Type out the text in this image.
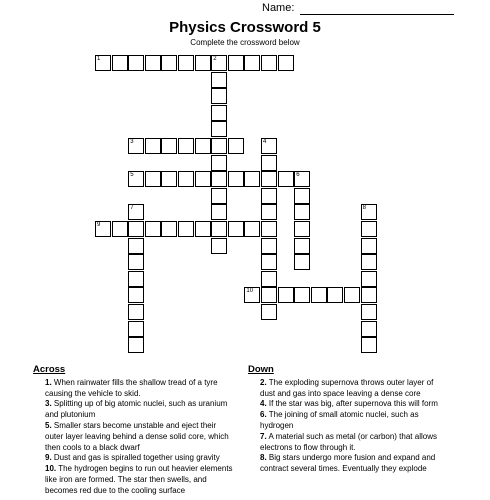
Name:
Physics Crossword 5
Complete the crossword below
1	2
3	4
5	6
7	8
9
10
Across
1. When rainwater fills the shallow tread of a tyre causing the vehicle to skid.
3. Splitting up of big atomic nuclei, such as uranium and plutonium
5. Smaller stars become unstable and eject their outer layer leaving behind a dense solid core, which then cools to a black dwarf
9. Dust and gas is spiralled together using gravity
10. The hydrogen begins to run out heavier elements like iron are formed. The star then swells, and becomes red due to the cooling surface
Down
2. The exploding supernova throws outer layer of dust and gas into space leaving a dense core
4. If the star was big, after supernova this will form
6. The joining of small atomic nuclei, such as hydrogen
7. A material such as metal (or carbon) that allows electrons to flow through it.
8. Big stars undergo more fusion and expand and contract several times. Eventually they explode
